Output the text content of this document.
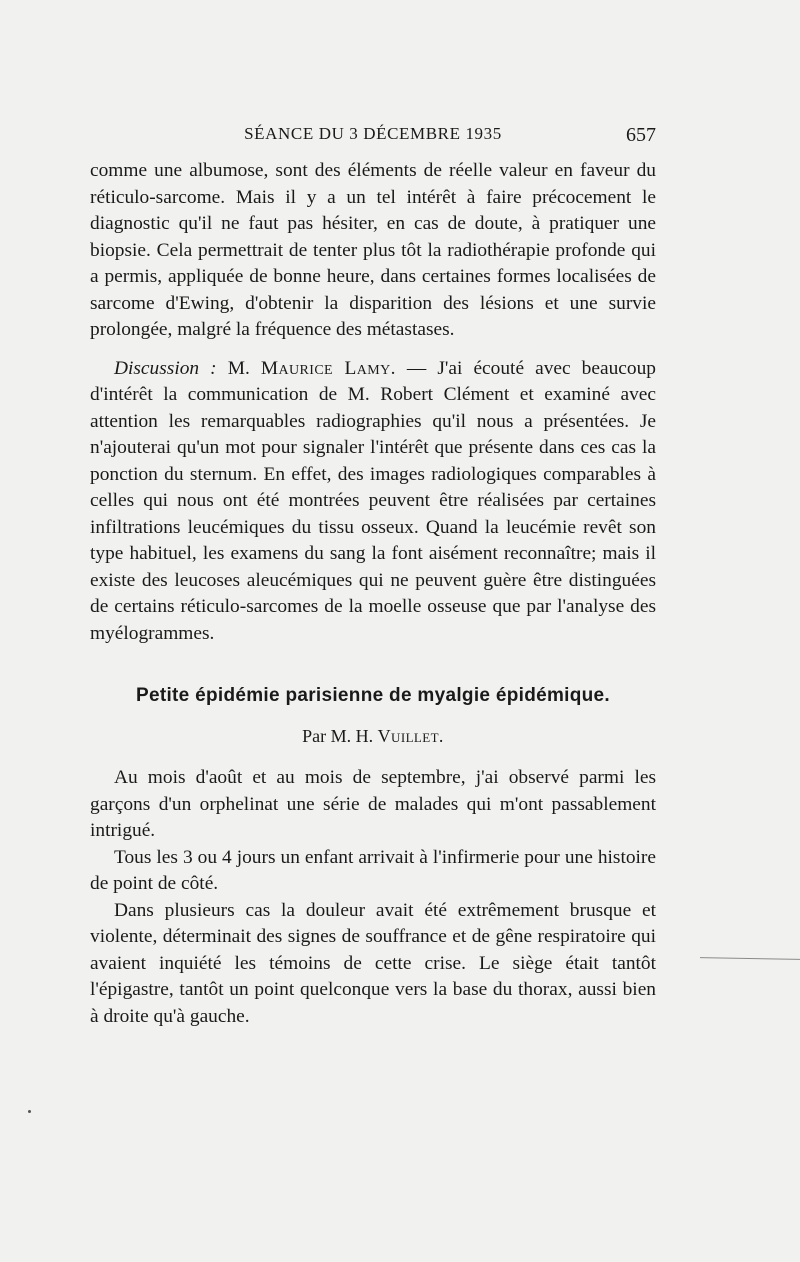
SÉANCE DU 3 DÉCEMBRE 1935	657

comme une albumose, sont des éléments de réelle valeur en faveur du réticulo-sarcome. Mais il y a un tel intérêt à faire précocement le diagnostic qu'il ne faut pas hésiter, en cas de doute, à pratiquer une biopsie. Cela permettrait de tenter plus tôt la radiothérapie profonde qui a permis, appliquée de bonne heure, dans certaines formes localisées de sarcome d'Ewing, d'obtenir la disparition des lésions et une survie prolongée, malgré la fréquence des métastases.

Discussion : M. Maurice Lamy. — J'ai écouté avec beaucoup d'intérêt la communication de M. Robert Clément et examiné avec attention les remarquables radiographies qu'il nous a présentées. Je n'ajouterai qu'un mot pour signaler l'intérêt que présente dans ces cas la ponction du sternum. En effet, des images radiologiques comparables à celles qui nous ont été montrées peuvent être réalisées par certaines infiltrations leucémiques du tissu osseux. Quand la leucémie revêt son type habituel, les examens du sang la font aisément reconnaître; mais il existe des leucoses aleucémiques qui ne peuvent guère être distinguées de certains réticulo-sarcomes de la moelle osseuse que par l'analyse des myélogrammes.

Petite épidémie parisienne de myalgie épidémique.
Par M. H. Vuillet.

Au mois d'août et au mois de septembre, j'ai observé parmi les garçons d'un orphelinat une série de malades qui m'ont passablement intrigué.

Tous les 3 ou 4 jours un enfant arrivait à l'infirmerie pour une histoire de point de côté.

Dans plusieurs cas la douleur avait été extrêmement brusque et violente, déterminait des signes de souffrance et de gêne respiratoire qui avaient inquiété les témoins de cette crise. Le siège était tantôt l'épigastre, tantôt un point quelconque vers la base du thorax, aussi bien à droite qu'à gauche.
